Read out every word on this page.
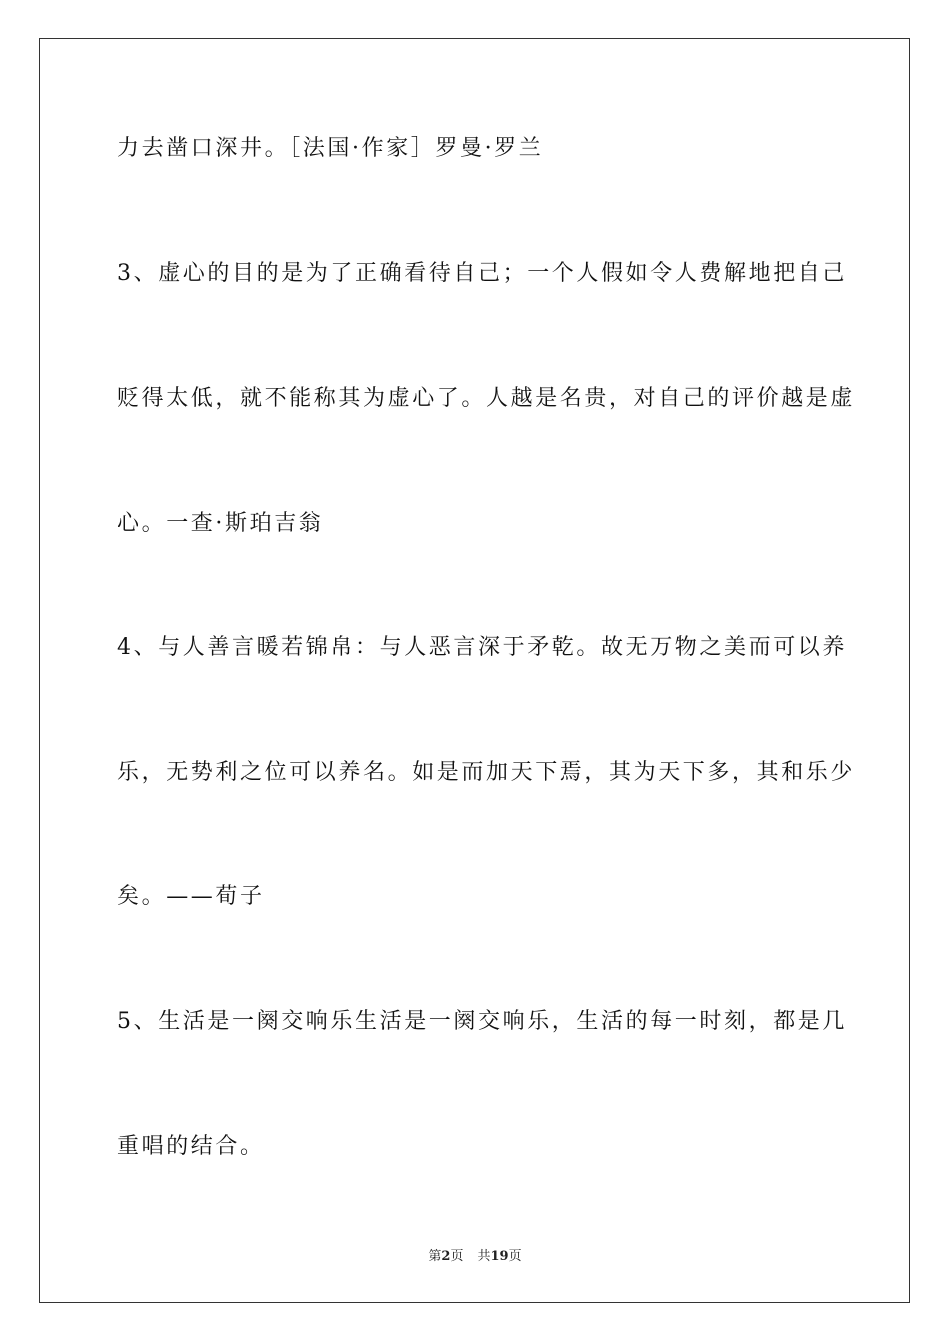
力去凿口深井。［法国·作家］罗曼·罗兰
3、虚心的目的是为了正确看待自己；一个人假如令人费解地把自己
贬得太低，就不能称其为虚心了。人越是名贵，对自己的评价越是虚
心。一查·斯珀吉翁
4、与人善言暖若锦帛：与人恶言深于矛乾。故无万物之美而可以养
乐，无势利之位可以养名。如是而加天下焉，其为天下多，其和乐少
矣。——荀子
5、生活是一阕交响乐生活是一阕交响乐，生活的每一时刻，都是几
重唱的结合。
第2页 共19页
